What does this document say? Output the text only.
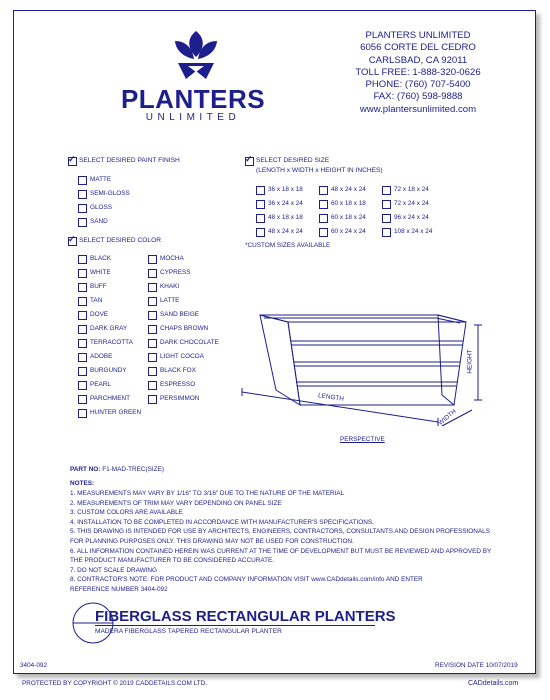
PLANTERS
UNLIMITED
PLANTERS UNLIMITED
6056 CORTE DEL CEDRO
CARLSBAD, CA 92011
TOLL FREE: 1-888-320-0626
PHONE: (760) 707-5400
FAX: (760) 598-9888
www.plantersunlimited.com
✓ SELECT DESIRED PAINT FINISH
MATTE
SEMI-GLOSS
GLOSS
SAND
✓ SELECT DESIRED COLOR
BLACK
WHITE
BUFF
TAN
DOVE
DARK GRAY
TERRACOTTA
ADOBE
BURGUNDY
PEARL
PARCHMENT
HUNTER GREEN
MOCHA
CYPRESS
KHAKI
LATTE
SAND BEIGE
CHAPS BROWN
DARK CHOCOLATE
LIGHT COCOA
BLACK FOX
ESPRESSO
PERSIMMON
✓ SELECT DESIRED SIZE
(LENGTH x WIDTH x HEIGHT IN INCHES)
36 x 18 x 18
36 x 24 x 24
48 x 18 x 18
48 x 24 x 24
48 x 24 x 24
60 x 18 x 18
60 x 18 x 24
60 x 24 x 24
72 x 18 x 24
72 x 24 x 24
96 x 24 x 24
108 x 24 x 24
*CUSTOM SIZES AVAILABLE
LENGTH
WIDTH
HEIGHT
PERSPECTIVE
PART NO: F1-MAD-TREC(SIZE)
NOTES:
1. MEASUREMENTS MAY VARY BY 1/16" TO 3/16" DUE TO THE NATURE OF THE MATERIAL
2. MEASUREMENTS OF TRIM MAY VARY DEPENDING ON PANEL SIZE
3. CUSTOM COLORS ARE AVAILABLE
4. INSTALLATION TO BE COMPLETED IN ACCORDANCE WITH MANUFACTURER'S SPECIFICATIONS.
5. THIS DRAWING IS INTENDED FOR USE BY ARCHITECTS, ENGINEERS, CONTRACTORS, CONSULTANTS AND DESIGN PROFESSIONALS
FOR PLANNING PURPOSES ONLY. THIS DRAWING MAY NOT BE USED FOR CONSTRUCTION.
6. ALL INFORMATION CONTAINED HEREIN WAS CURRENT AT THE TIME OF DEVELOPMENT BUT MUST BE REVIEWED AND APPROVED BY
THE PRODUCT MANUFACTURER TO BE CONSIDERED ACCURATE.
7. DO NOT SCALE DRAWING
8. CONTRACTOR'S NOTE: FOR PRODUCT AND COMPANY INFORMATION VISIT www.CADdetails.com/info AND ENTER
REFERENCE NUMBER 3404-092
FIBERGLASS RECTANGULAR PLANTERS
MADERA FIBERGLASS TAPERED RECTANGULAR PLANTER
3404-092	REVISION DATE 10/07/2019
PROTECTED BY COPYRIGHT © 2019 CADDETAILS.COM LTD.	CADdetails.com
